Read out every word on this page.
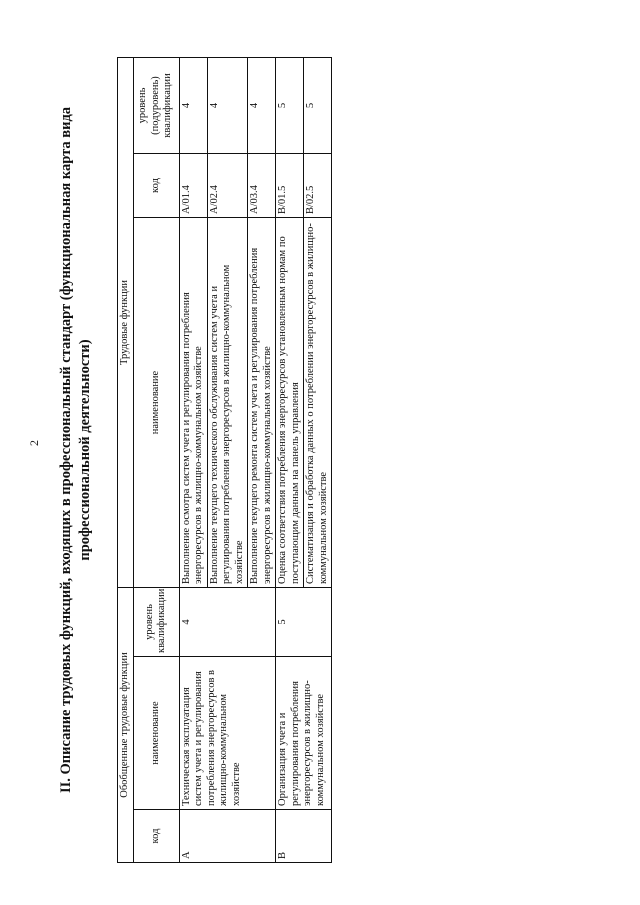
2 II. Описание трудовых функций, входящих в профессиональный стандарт (функциональная карта вида профессиональной деятельности)
Обобщенные трудовые функции			Трудовые функции		
код	наименование	уровень квалификации	наименование	код	уровень (подуровень) квалификации
A	Техническая эксплуатация систем учета и регулирования потребления энергоресурсов в жилищно-коммунальном хозяйстве	4	Выполнение осмотра систем учета и регулирования потребления энергоресурсов в жилищно-коммунальном хозяйстве	A/01.4	4
			Выполнение текущего технического обслуживания систем учета и регулирования потребления энергоресурсов в жилищно-коммунальном хозяйстве	A/02.4	4
			Выполнение текущего ремонта систем учета и регулирования потребления энергоресурсов в жилищно-коммунальном хозяйстве	A/03.4	4
B	Организация учета и регулирования потребления энергоресурсов в жилищно-коммунальном хозяйстве	5	Оценка соответствия потребления энергоресурсов установленным нормам по поступающим данным на панель управления	B/01.5	5
			Систематизация и обработка данных о потреблении энергоресурсов в жилищно-коммунальном хозяйстве	B/02.5	5
